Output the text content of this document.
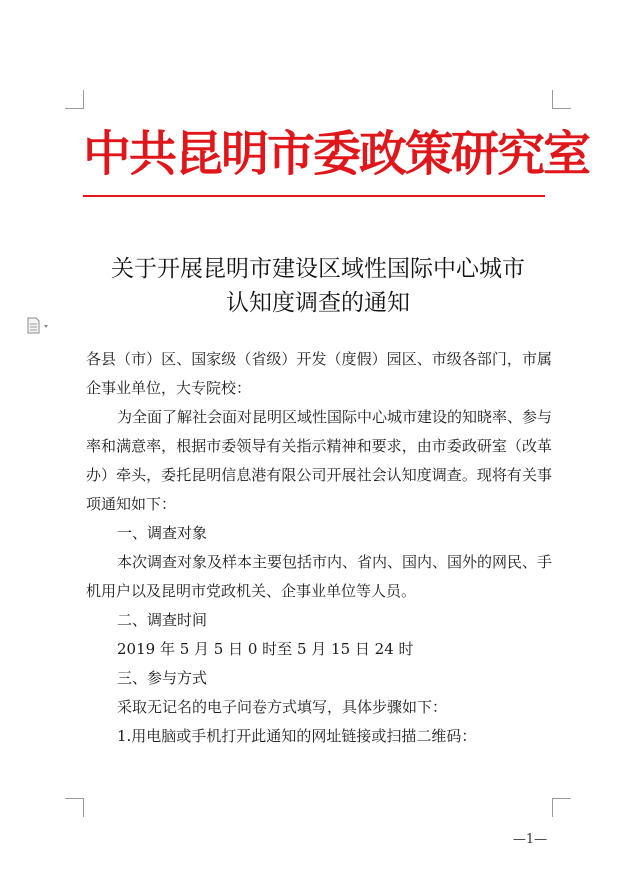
中共昆明市委政策研究室
关于开展昆明市建设区域性国际中心城市
认知度调查的通知
各县（市）区、国家级（省级）开发（度假）园区、市级各部门，市属企事业单位，大专院校：
为全面了解社会面对昆明区域性国际中心城市建设的知晓率、参与率和满意率，根据市委领导有关指示精神和要求，由市委政研室（改革办）牵头，委托昆明信息港有限公司开展社会认知度调查。现将有关事项通知如下：
一、调查对象
本次调查对象及样本主要包括市内、省内、国内、国外的网民、手机用户以及昆明市党政机关、企事业单位等人员。
二、调查时间
2019 年 5 月 5 日 0 时至 5 月 15 日 24 时
三、参与方式
采取无记名的电子问卷方式填写，具体步骤如下：
1.用电脑或手机打开此通知的网址链接或扫描二维码：
—1—
